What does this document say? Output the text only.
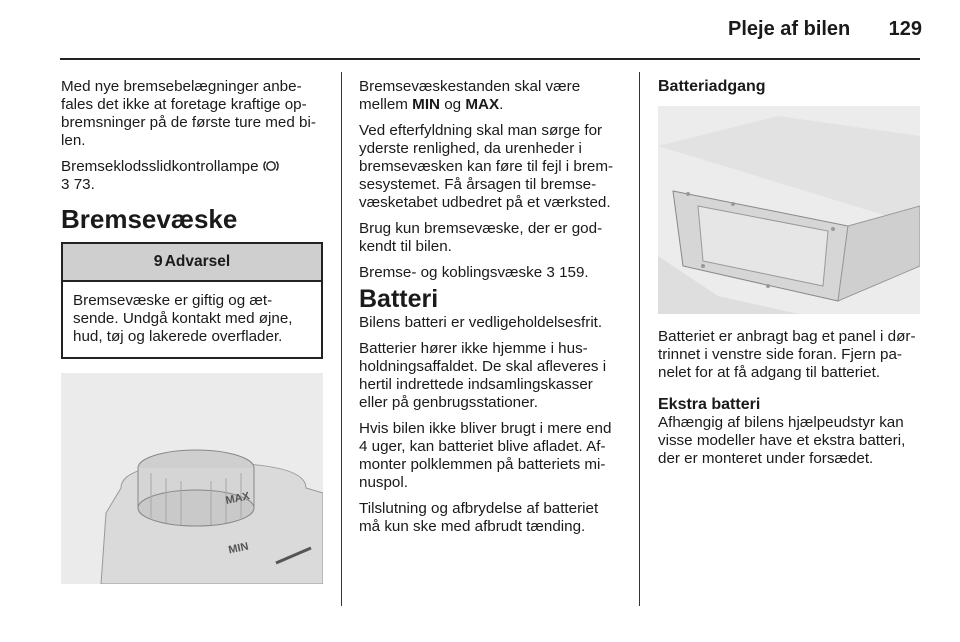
Pleje af bilen 129

Med nye bremsebelægninger anbefales det ikke at foretage kraftige opbremsninger på de første ture med bilen.

Bremseklodsslidkontrollampe
3 73.

Bremsevæske
9 Advarsel
Bremsevæske er giftig og ætsende. Undgå kontakt med øjne, hud, tøj og lakerede overflader.
MAX
MIN

Bremsevæskestanden skal være mellem MIN og MAX.

Ved efterfyldning skal man sørge for yderste renlighed, da urenheder i bremsevæsken kan føre til fejl i bremsesystemet. Få årsagen til bremsevæsketabet udbedret på et værksted.

Brug kun bremsevæske, der er godkendt til bilen.

Bremse- og koblingsvæske 3 159.

Batteri

Bilens batteri er vedligeholdelsesfrit.

Batterier hører ikke hjemme i husholdningsaffaldet. De skal afleveres i hertil indrettede indsamlingskasser eller på genbrugsstationer.

Hvis bilen ikke bliver brugt i mere end 4 uger, kan batteriet blive afladet. Afmonter polklemmen på batteriets minuspol.

Tilslutning og afbrydelse af batteriet må kun ske med afbrudt tænding.

Batteriadgang

Batteriet er anbragt bag et panel i dørtrinnet i venstre side foran. Fjern panelet for at få adgang til batteriet.

Ekstra batteri

Afhængig af bilens hjælpeudstyr kan visse modeller have et ekstra batteri, der er monteret under forsædet.
